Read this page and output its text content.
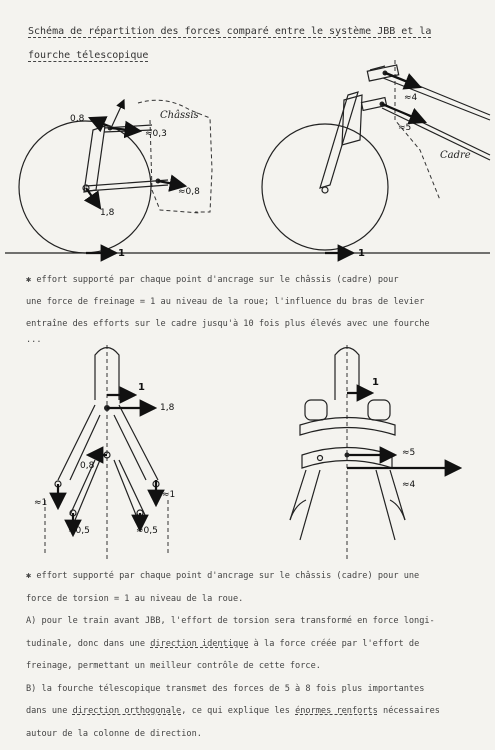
Schéma de répartition des forces comparé entre le système JBB et la
fourche télescopique
Châssis
0,8
≈0,3
≈0,8
1,8
1
≈4
≈5
Cadre
1
✱ effort supporté par chaque point d'ancrage sur le châssis (cadre) pour
une force de freinage = 1 au niveau de la roue; l'influence du bras de levier
entraîne des efforts sur le cadre jusqu'à 10 fois plus élevés avec une fourche
...
1
1,8
0,8
≈1
≈1
≈0,5	≈0,5
1
≈5
≈4
✱ effort supporté par chaque point d'ancrage sur le châssis (cadre) pour une
force de torsion = 1 au niveau de la roue.
A) pour le train avant JBB, l'effort de torsion sera transformé en force longi-
tudinale, donc dans une direction identique à la force créée par l'effort de
freinage, permettant un meilleur contrôle de cette force.
B) la fourche télescopique transmet des forces de 5 à 8 fois plus importantes
dans une direction orthogonale, ce qui explique les énormes renforts nécessaires
autour de la colonne de direction.
